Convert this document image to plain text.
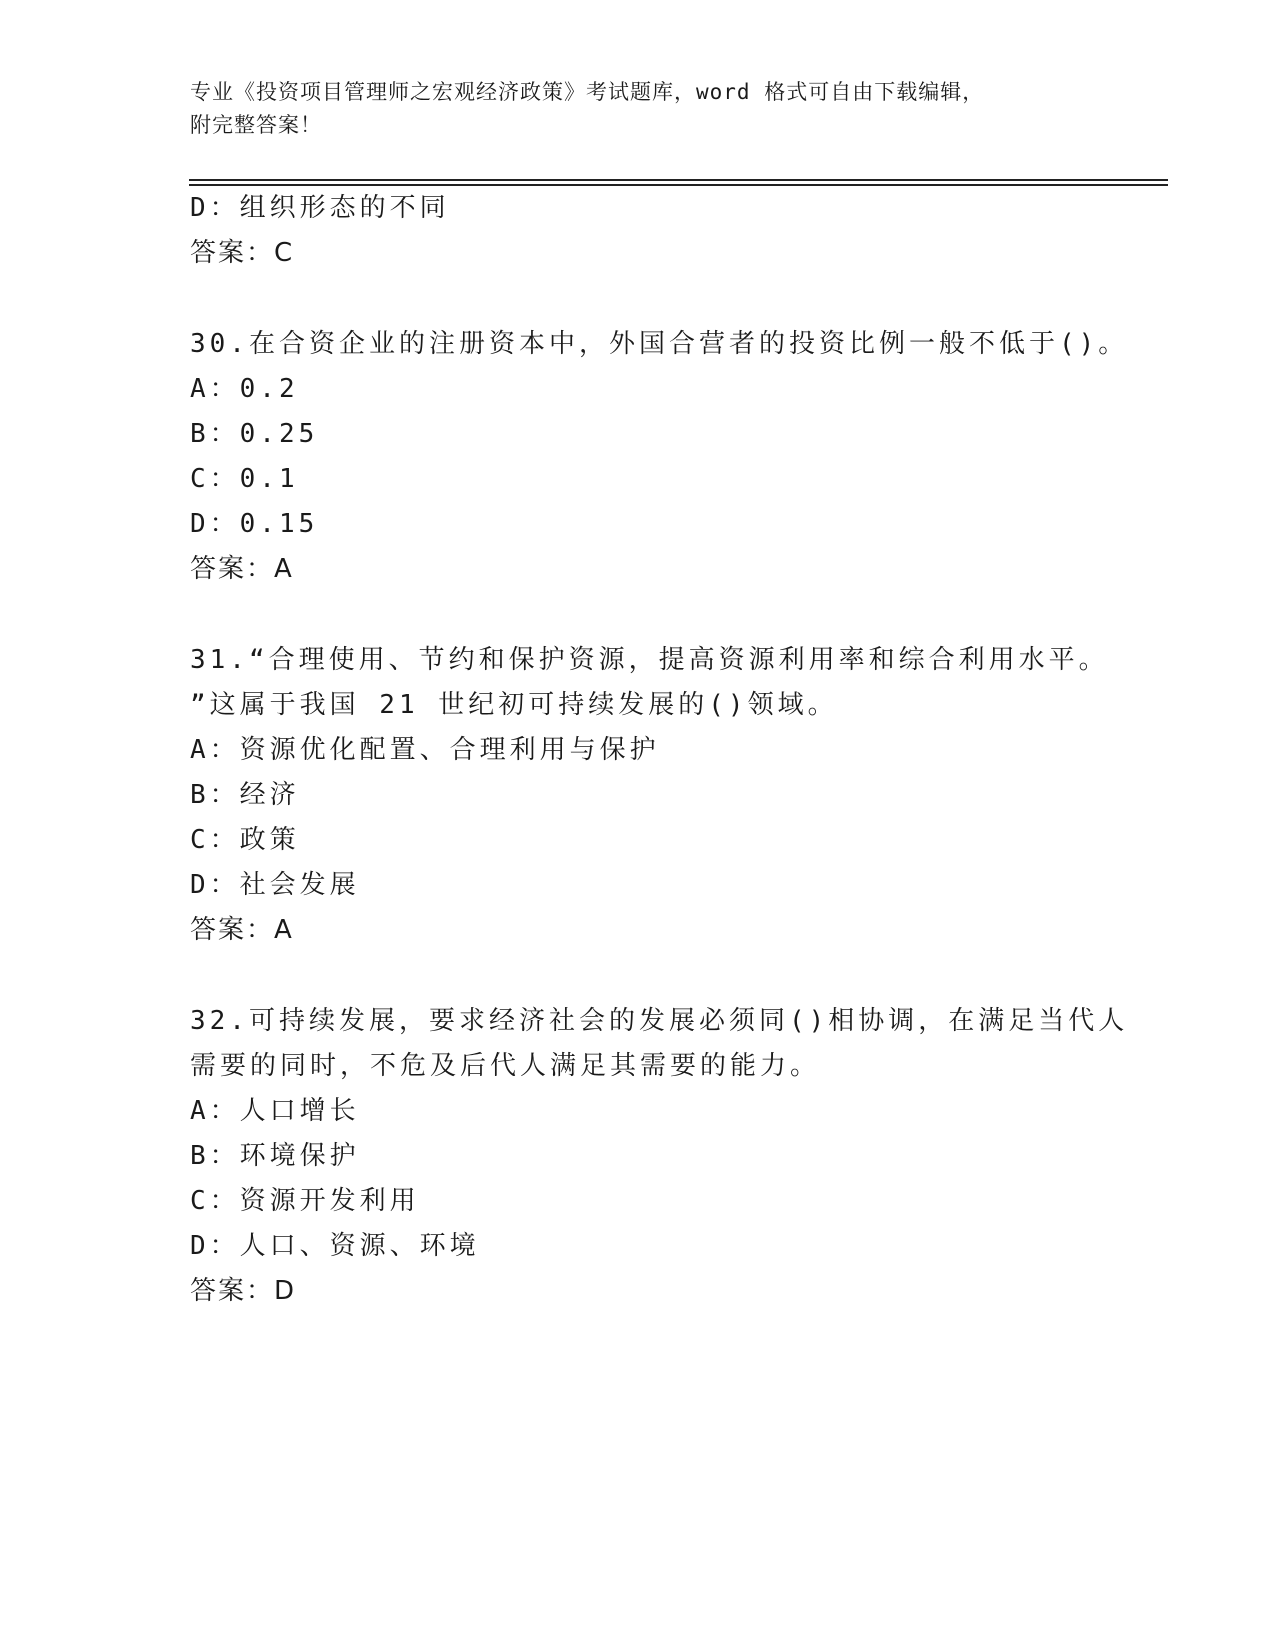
专业《投资项目管理师之宏观经济政策》考试题库，word 格式可自由下载编辑，
附完整答案！
D：组织形态的不同
答案：C
30.在合资企业的注册资本中，外国合营者的投资比例一般不低于()。
A：0.2
B：0.25
C：0.1
D：0.15
答案：A
31.“合理使用、节约和保护资源，提高资源利用率和综合利用水平。
”这属于我国 21 世纪初可持续发展的()领域。
A：资源优化配置、合理利用与保护
B：经济
C：政策
D：社会发展
答案：A
32.可持续发展，要求经济社会的发展必须同()相协调，在满足当代人
需要的同时，不危及后代人满足其需要的能力。
A：人口增长
B：环境保护
C：资源开发利用
D：人口、资源、环境
答案：D
